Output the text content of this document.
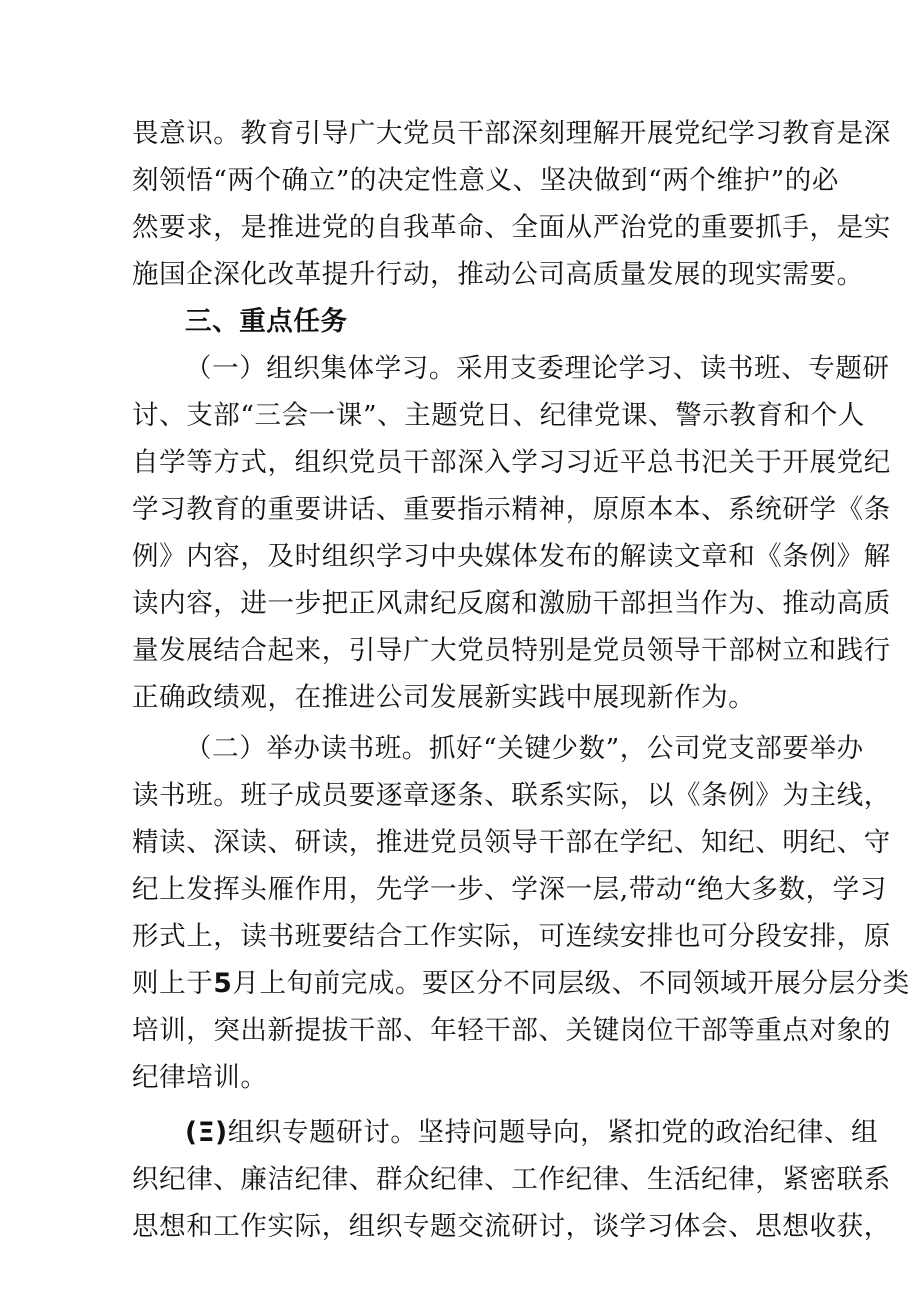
畏意识。教育引导广大党员干部深刻理解开展党纪学习教育是深
刻领悟“两个确立”的决定性意义、坚决做到“两个维护”的必
然要求，是推进党的自我革命、全面从严治党的重要抓手，是实
施国企深化改革提升行动，推动公司高质量发展的现实需要。

三、重点任务

（一）组织集体学习。采用支委理论学习、读书班、专题研
讨、支部“三会一课”、主题党日、纪律党课、警示教育和个人
自学等方式，组织党员干部深入学习习近平总书汜关于开展党纪
学习教育的重要讲话、重要指示精神，原原本本、系统研学《条
例》内容，及时组织学习中央媒体发布的解读文章和《条例》解
读内容，进一步把正风肃纪反腐和激励干部担当作为、推动高质
量发展结合起来，引导广大党员特别是党员领导干部树立和践行
正确政绩观，在推进公司发展新实践中展现新作为。

（二）举办读书班。抓好“关键少数”，公司党支部要举办
读书班。班子成员要逐章逐条、联系实际，以《条例》为主线，
精读、深读、研读，推进党员领导干部在学纪、知纪、明纪、守
纪上发挥头雁作用，先学一步、学深一层,带动“绝大多数，学习
形式上，读书班要结合工作实际，可连续安排也可分段安排，原
则上于5月上旬前完成。要区分不同层级、不同领域开展分层分类
培训，突出新提拔干部、年轻干部、关键岗位干部等重点对象的
纪律培训。

(Ξ)组织专题研讨。坚持问题导向，紧扣党的政治纪律、组
织纪律、廉洁纪律、群众纪律、工作纪律、生活纪律，紧密联系
思想和工作实际，组织专题交流研讨，谈学习体会、思想收获，
